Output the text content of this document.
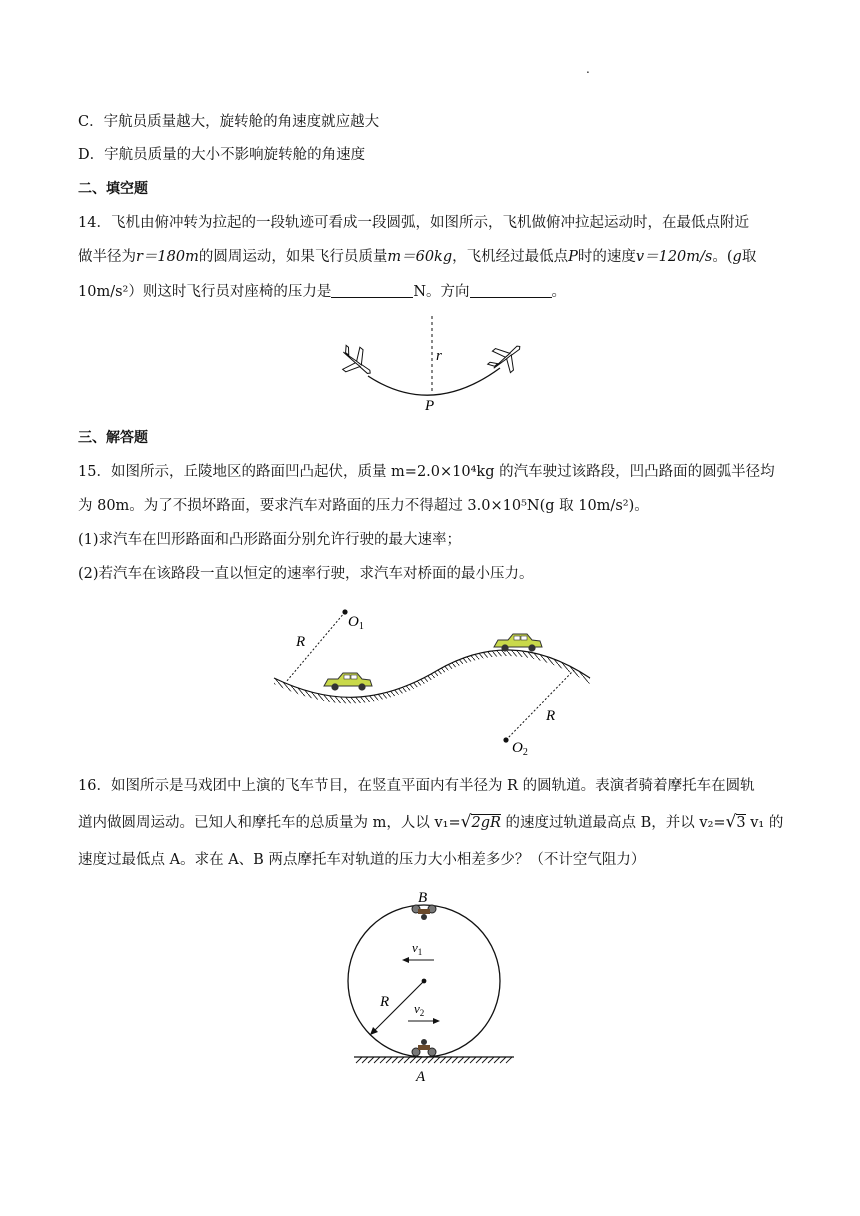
.
C．宇航员质量越大，旋转舱的角速度就应越大
D．宇航员质量的大小不影响旋转舱的角速度
二、填空题
14．飞机由俯冲转为拉起的一段轨迹可看成一段圆弧，如图所示，飞机做俯冲拉起运动时，在最低点附近
做半径为r＝180m的圆周运动，如果飞行员质量m＝60kg，飞机经过最低点P时的速度v＝120m/s。(g取
10m/s²）则这时飞行员对座椅的压力是	N。方向	。
r
P
三、解答题
15．如图所示，丘陵地区的路面凹凸起伏，质量 m=2.0×10⁴kg 的汽车驶过该路段，凹凸路面的圆弧半径均
为 80m。为了不损坏路面，要求汽车对路面的压力不得超过 3.0×10⁵N(g 取 10m/s²)。
(1)求汽车在凹形路面和凸形路面分别允许行驶的最大速率；
(2)若汽车在该路段一直以恒定的速率行驶，求汽车对桥面的最小压力。
R
$O_1$
R
$O_2$
16．如图所示是马戏团中上演的飞车节目，在竖直平面内有半径为 R 的圆轨道。表演者骑着摩托车在圆轨
道内做圆周运动。已知人和摩托车的总质量为 m，人以 v₁=√2gR 的速度过轨道最高点 B，并以 v₂=√3 v₁ 的
速度过最低点 A。求在 A、B 两点摩托车对轨道的压力大小相差多少？（不计空气阻力）
R
$v_1$
$v_2$
B
A
